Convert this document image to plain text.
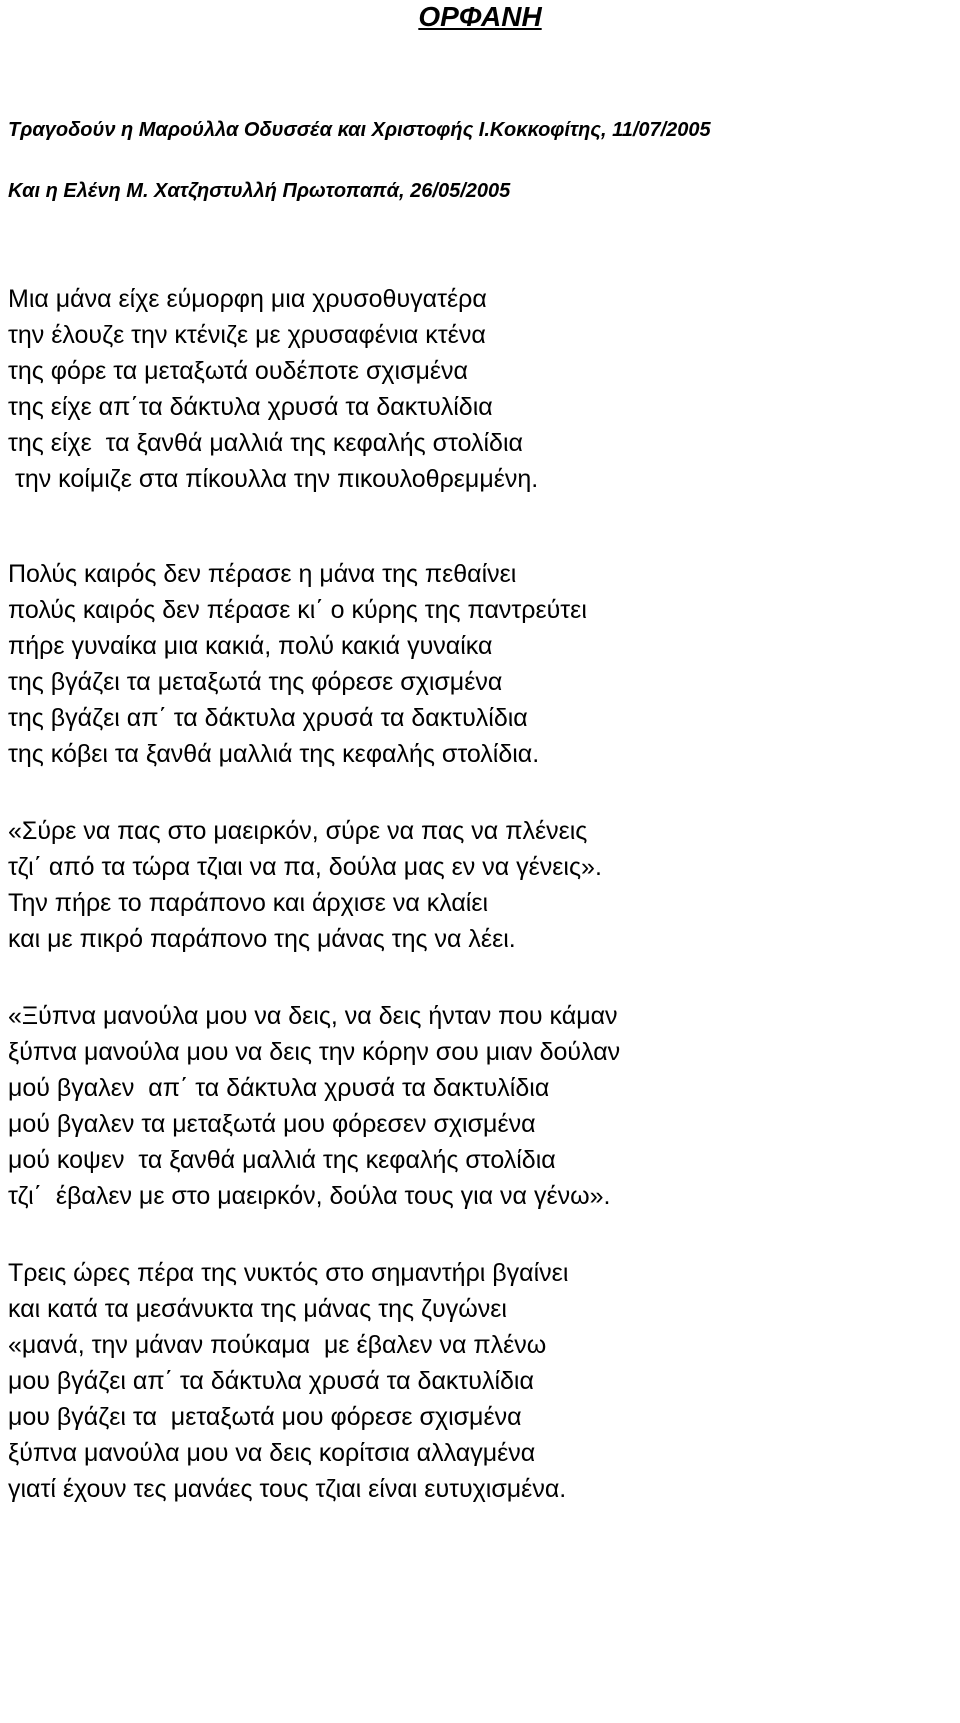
ΟΡΦΑΝΗ
Τραγοδούν η Μαρούλλα Οδυσσέα και Χριστοφής Ι.Κοκκοφίτης, 11/07/2005
Και η Ελένη Μ. Χατζηστυλλή Πρωτοπαπά, 26/05/2005
Μια μάνα είχε εύμορφη μια χρυσοθυγατέρα
την έλουζε την κτένιζε με χρυσαφένια κτένα
της φόρε τα μεταξωτά ουδέποτε σχισμένα
της είχε απ΄τα δάκτυλα χρυσά τα δακτυλίδια
της είχε  τα ξανθά μαλλιά της κεφαλής στολίδια
την κοίμιζε στα πίκουλλα την πικουλοθρεμμένη.
Πολύς καιρός δεν πέρασε η μάνα της πεθαίνει
πολύς καιρός δεν πέρασε κι΄ ο κύρης της παντρεύτει
πήρε γυναίκα μια κακιά, πολύ κακιά γυναίκα
της βγάζει τα μεταξωτά της φόρεσε σχισμένα
της βγάζει απ΄ τα δάκτυλα χρυσά τα δακτυλίδια
της κόβει τα ξανθά μαλλιά της κεφαλής στολίδια.
«Σύρε να πας στο μαειρκόν, σύρε να πας να πλένεις
τζι΄ από τα τώρα τζιαι να πα, δούλα μας εν να γένεις».
Την πήρε το παράπονο και άρχισε να κλαίει
και με πικρό παράπονο της μάνας της να λέει.
«Ξύπνα μανούλα μου να δεις, να δεις ήνταν που κάμαν
ξύπνα μανούλα μου να δεις την κόρην σου μιαν δούλαν
μού βγαλεν  απ΄ τα δάκτυλα χρυσά τα δακτυλίδια
μού βγαλεν τα μεταξωτά μου φόρεσεν σχισμένα
μού κοψεν  τα ξανθά μαλλιά της κεφαλής στολίδια
τζι΄  έβαλεν με στο μαειρκόν, δούλα τους για να γένω».
Τρεις ώρες πέρα της νυκτός στο σημαντήρι βγαίνει
και κατά τα μεσάνυκτα της μάνας της ζυγώνει
«μανά, την μάναν πούκαμα  με έβαλεν να πλένω
μου βγάζει απ΄ τα δάκτυλα χρυσά τα δακτυλίδια
μου βγάζει τα  μεταξωτά μου φόρεσε σχισμένα
ξύπνα μανούλα μου να δεις κορίτσια αλλαγμένα
γιατί έχουν τες μανάες τους τζιαι είναι ευτυχισμένα.
